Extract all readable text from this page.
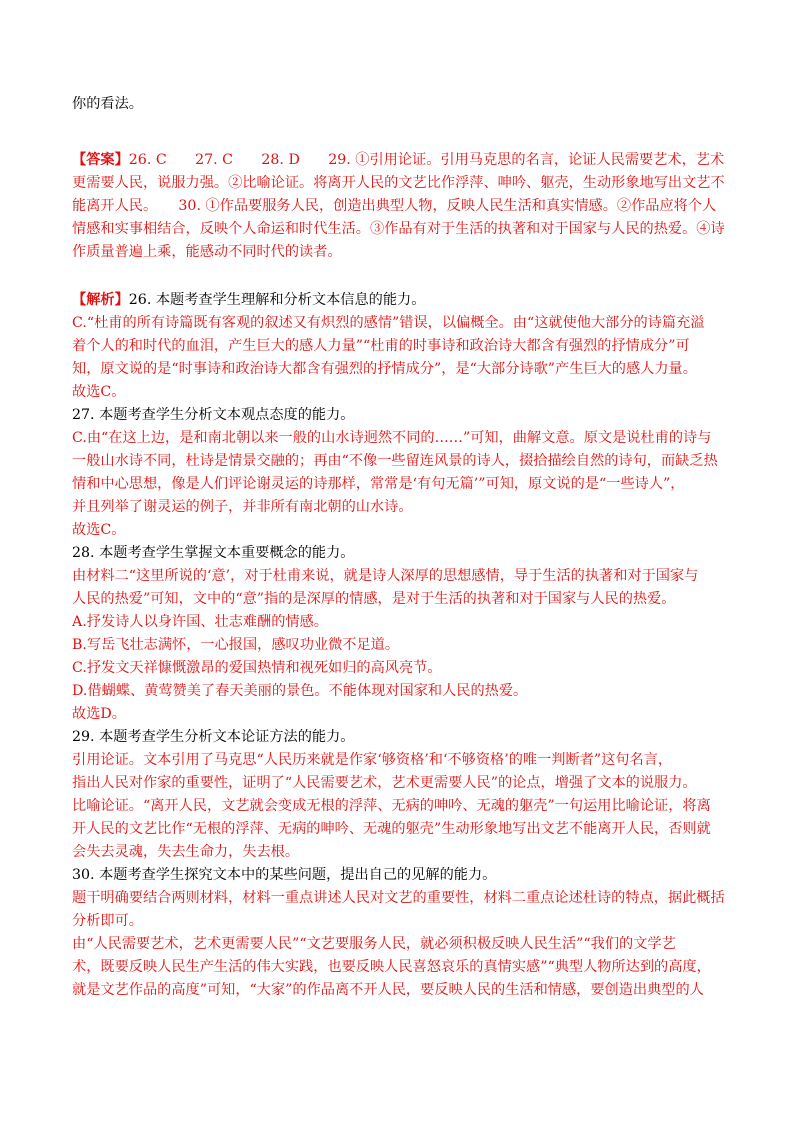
你的看法。
【答案】26. C　　27. C　　28. D　　29. ①引用论证。引用马克思的名言，论证人民需要艺术，艺术
更需要人民，说服力强。②比喻论证。将离开人民的文艺比作浮萍、呻吟、躯壳，生动形象地写出文艺不
能离开人民。　　30. ①作品要服务人民，创造出典型人物，反映人民生活和真实情感。②作品应将个人
情感和实事相结合，反映个人命运和时代生活。③作品有对于生活的执著和对于国家与人民的热爱。④诗
作质量普遍上乘，能感动不同时代的读者。
【解析】26. 本题考查学生理解和分析文本信息的能力。
C.“杜甫的所有诗篇既有客观的叙述又有炽烈的感情”错误，以偏概全。由“这就使他大部分的诗篇充溢
着个人的和时代的血泪，产生巨大的感人力量”“杜甫的时事诗和政治诗大都含有强烈的抒情成分”可
知，原文说的是“时事诗和政治诗大都含有强烈的抒情成分”，是“大部分诗歌”产生巨大的感人力量。
故选C。
27. 本题考查学生分析文本观点态度的能力。
C.由“在这上边，是和南北朝以来一般的山水诗迥然不同的……”可知，曲解文意。原文是说杜甫的诗与
一般山水诗不同，杜诗是情景交融的；再由“不像一些留连风景的诗人，掇拾描绘自然的诗句，而缺乏热
情和中心思想，像是人们评论谢灵运的诗那样，常常是‘有句无篇’”可知，原文说的是“一些诗人”，
并且列举了谢灵运的例子，并非所有南北朝的山水诗。
故选C。
28. 本题考查学生掌握文本重要概念的能力。
由材料二“这里所说的‘意’，对于杜甫来说，就是诗人深厚的思想感情，导于生活的执著和对于国家与
人民的热爱”可知，文中的“意”指的是深厚的情感，是对于生活的执著和对于国家与人民的热爱。
A.抒发诗人以身许国、壮志难酬的情感。
B.写岳飞壮志满怀，一心报国，感叹功业微不足道。
C.抒发文天祥慷慨激昂的爱国热情和视死如归的高风亮节。
D.借蝴蝶、黄莺赞美了春天美丽的景色。不能体现对国家和人民的热爱。
故选D。
29. 本题考查学生分析文本论证方法的能力。
引用论证。文本引用了马克思“人民历来就是作家‘够资格’和‘不够资格’的唯一判断者”这句名言，
指出人民对作家的重要性，证明了“人民需要艺术，艺术更需要人民”的论点，增强了文本的说服力。
比喻论证。“离开人民，文艺就会变成无根的浮萍、无病的呻吟、无魂的躯壳”一句运用比喻论证，将离
开人民的文艺比作“无根的浮萍、无病的呻吟、无魂的躯壳”生动形象地写出文艺不能离开人民，否则就
会失去灵魂，失去生命力，失去根。
30. 本题考查学生探究文本中的某些问题，提出自己的见解的能力。
题干明确要结合两则材料，材料一重点讲述人民对文艺的重要性，材料二重点论述杜诗的特点，据此概括
分析即可。
由“人民需要艺术，艺术更需要人民”“文艺要服务人民，就必须积极反映人民生活”“我们的文学艺
术，既要反映人民生产生活的伟大实践，也要反映人民喜怒哀乐的真情实感”“典型人物所达到的高度，
就是文艺作品的高度”可知，“大家”的作品离不开人民，要反映人民的生活和情感，要创造出典型的人
